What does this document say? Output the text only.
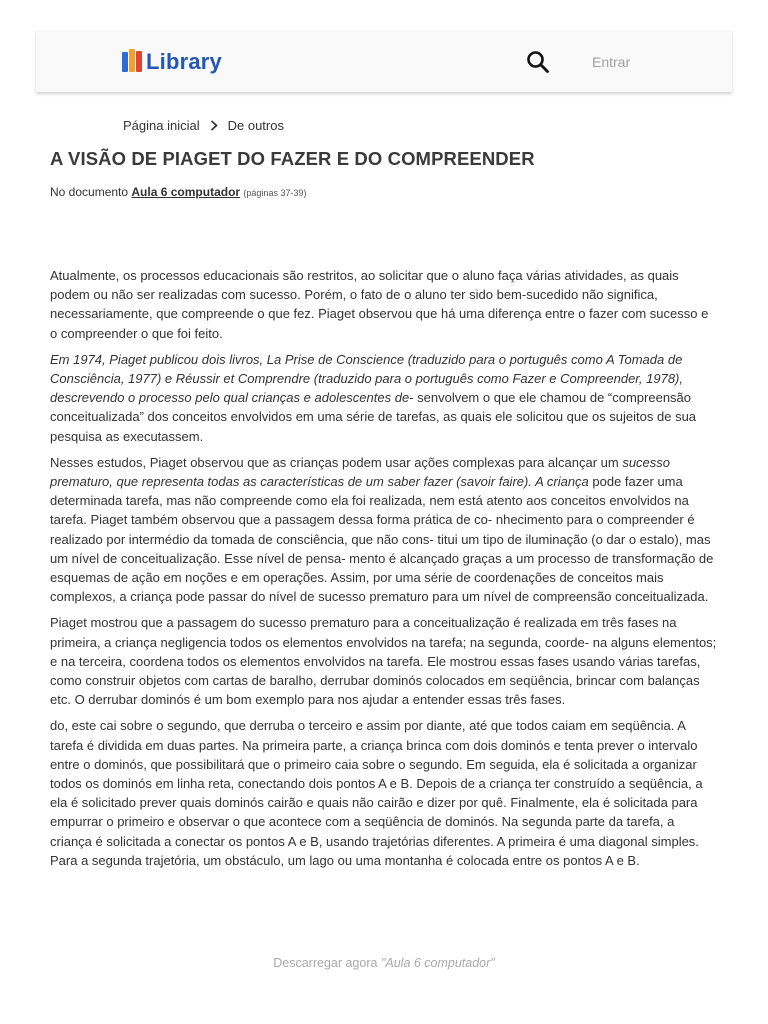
Library	Entrar
Página inicial De outros
A VISÃO DE PIAGET DO FAZER E DO COMPREENDER
No documento Aula 6 computador (páginas 37-39)

Atualmente, os processos educacionais são restritos, ao solicitar que o aluno faça várias atividades, as quais podem ou não ser realizadas com sucesso. Porém, o fato de o aluno ter sido bem-sucedido não significa, necessariamente, que compreende o que fez. Piaget observou que há uma diferença entre o fazer com sucesso e o compreender o que foi feito.

Em 1974, Piaget publicou dois livros, La Prise de Conscience (traduzido para o português como A Tomada de Consciência, 1977) e Réussir et Comprendre (traduzido para o português como Fazer e Compreender, 1978), descrevendo o processo pelo qual crianças e adolescentes de- senvolvem o que ele chamou de “compreensão conceitualizada” dos conceitos envolvidos em uma série de tarefas, as quais ele solicitou que os sujeitos de sua pesquisa as executassem.

Nesses estudos, Piaget observou que as crianças podem usar ações complexas para alcançar um sucesso prematuro, que representa todas as características de um saber fazer (savoir faire). A criança pode fazer uma determinada tarefa, mas não compreende como ela foi realizada, nem está atento aos conceitos envolvidos na tarefa. Piaget também observou que a passagem dessa forma prática de co- nhecimento para o compreender é realizado por intermédio da tomada de consciência, que não cons- titui um tipo de iluminação (o dar o estalo), mas um nível de conceitualização. Esse nível de pensa- mento é alcançado graças a um processo de transformação de esquemas de ação em noções e em operações. Assim, por uma série de coordenações de conceitos mais complexos, a criança pode passar do nível de sucesso prematuro para um nível de compreensão conceitualizada.

Piaget mostrou que a passagem do sucesso prematuro para a conceitualização é realizada em três fases na primeira, a criança negligencia todos os elementos envolvidos na tarefa; na segunda, coorde- na alguns elementos; e na terceira, coordena todos os elementos envolvidos na tarefa. Ele mostrou essas fases usando várias tarefas, como construir objetos com cartas de baralho, derrubar dominós colocados em seqüência, brincar com balanças etc. O derrubar dominós é um bom exemplo para nos ajudar a entender essas três fases.

do, este cai sobre o segundo, que derruba o terceiro e assim por diante, até que todos caiam em seqüência. A tarefa é dividida em duas partes. Na primeira parte, a criança brinca com dois dominós e tenta prever o intervalo entre o dominós, que possibilitará que o primeiro caia sobre o segundo. Em seguida, ela é solicitada a organizar todos os dominós em linha reta, conectando dois pontos A e B. Depois de a criança ter construído a seqüência, a ela é solicitado prever quais dominós cairão e quais não cairão e dizer por quê. Finalmente, ela é solicitada para empurrar o primeiro e observar o que acontece com a seqüência de dominós. Na segunda parte da tarefa, a criança é solicitada a conectar os pontos A e B, usando trajetórias diferentes. A primeira é uma diagonal simples. Para a segunda trajetória, um obstáculo, um lago ou uma montanha é colocada entre os pontos A e B.

Descarregar agora "Aula 6 computador"
